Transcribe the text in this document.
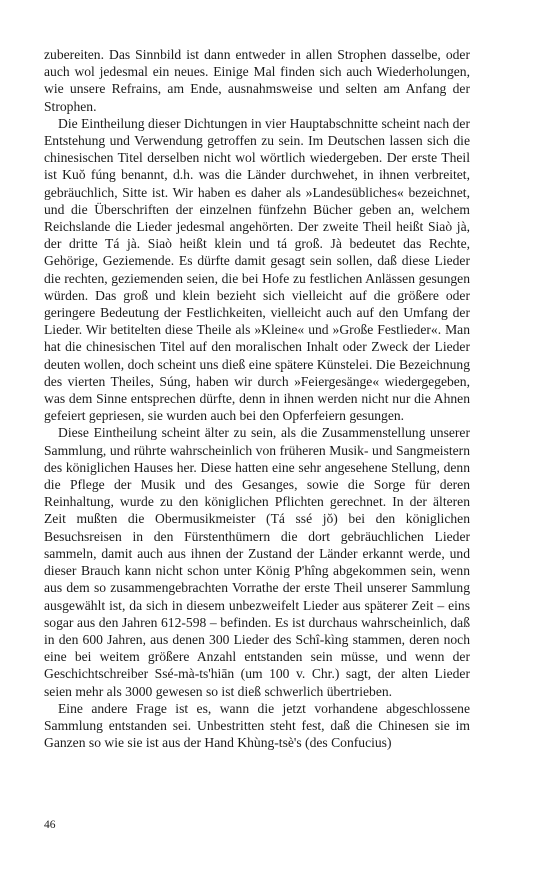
zubereiten. Das Sinnbild ist dann entweder in allen Strophen dasselbe, oder auch wol jedesmal ein neues. Einige Mal finden sich auch Wiederholungen, wie unsere Refrains, am Ende, ausnahmsweise und selten am Anfang der Strophen.

Die Eintheilung dieser Dichtungen in vier Hauptabschnitte scheint nach der Entstehung und Verwendung getroffen zu sein. Im Deutschen lassen sich die chinesischen Titel derselben nicht wol wörtlich wiedergeben. Der erste Theil ist Kuŏ fúng benannt, d.h. was die Länder durchwehet, in ihnen verbreitet, gebräuchlich, Sitte ist. Wir haben es daher als »Landesübliches« bezeichnet, und die Überschriften der einzelnen fünfzehn Bücher geben an, welchem Reichslande die Lieder jedesmal angehörten. Der zweite Theil heißt Siaò jà, der dritte Tá jà. Siaò heißt klein und tá groß. Jà bedeutet das Rechte, Gehörige, Geziemende. Es dürfte damit gesagt sein sollen, daß diese Lieder die rechten, geziemenden seien, die bei Hofe zu festlichen Anlässen gesungen würden. Das groß und klein bezieht sich vielleicht auf die größere oder geringere Bedeutung der Festlichkeiten, vielleicht auch auf den Umfang der Lieder. Wir betitelten diese Theile als »Kleine« und »Große Festlieder«. Man hat die chinesischen Titel auf den moralischen Inhalt oder Zweck der Lieder deuten wollen, doch scheint uns dieß eine spätere Künstelei. Die Bezeichnung des vierten Theiles, Súng, haben wir durch »Feiergesänge« wiedergegeben, was dem Sinne entsprechen dürfte, denn in ihnen werden nicht nur die Ahnen gefeiert gepriesen, sie wurden auch bei den Opferfeiern gesungen.

Diese Eintheilung scheint älter zu sein, als die Zusammenstellung unserer Sammlung, und rührte wahrscheinlich von früheren Musik- und Sangmeistern des königlichen Hauses her. Diese hatten eine sehr angesehene Stellung, denn die Pflege der Musik und des Gesanges, sowie die Sorge für deren Reinhaltung, wurde zu den königlichen Pflichten gerechnet. In der älteren Zeit mußten die Obermusikmeister (Tá ssé jŏ) bei den königlichen Besuchsreisen in den Fürstenthümern die dort gebräuchlichen Lieder sammeln, damit auch aus ihnen der Zustand der Länder erkannt werde, und dieser Brauch kann nicht schon unter König P'hîng abgekommen sein, wenn aus dem so zusammengebrachten Vorrathe der erste Theil unserer Sammlung ausgewählt ist, da sich in diesem unbezweifelt Lieder aus späterer Zeit – eins sogar aus den Jahren 612-598 – befinden. Es ist durchaus wahrscheinlich, daß in den 600 Jahren, aus denen 300 Lieder des Schî-kìng stammen, deren noch eine bei weitem größere Anzahl entstanden sein müsse, und wenn der Geschichtschreiber Ssé-mà-ts'hiān (um 100 v. Chr.) sagt, der alten Lieder seien mehr als 3000 gewesen so ist dieß schwerlich übertrieben.

Eine andere Frage ist es, wann die jetzt vorhandene abgeschlossene Sammlung entstanden sei. Unbestritten steht fest, daß die Chinesen sie im Ganzen so wie sie ist aus der Hand Khùng-tsè's (des Confucius)

46
